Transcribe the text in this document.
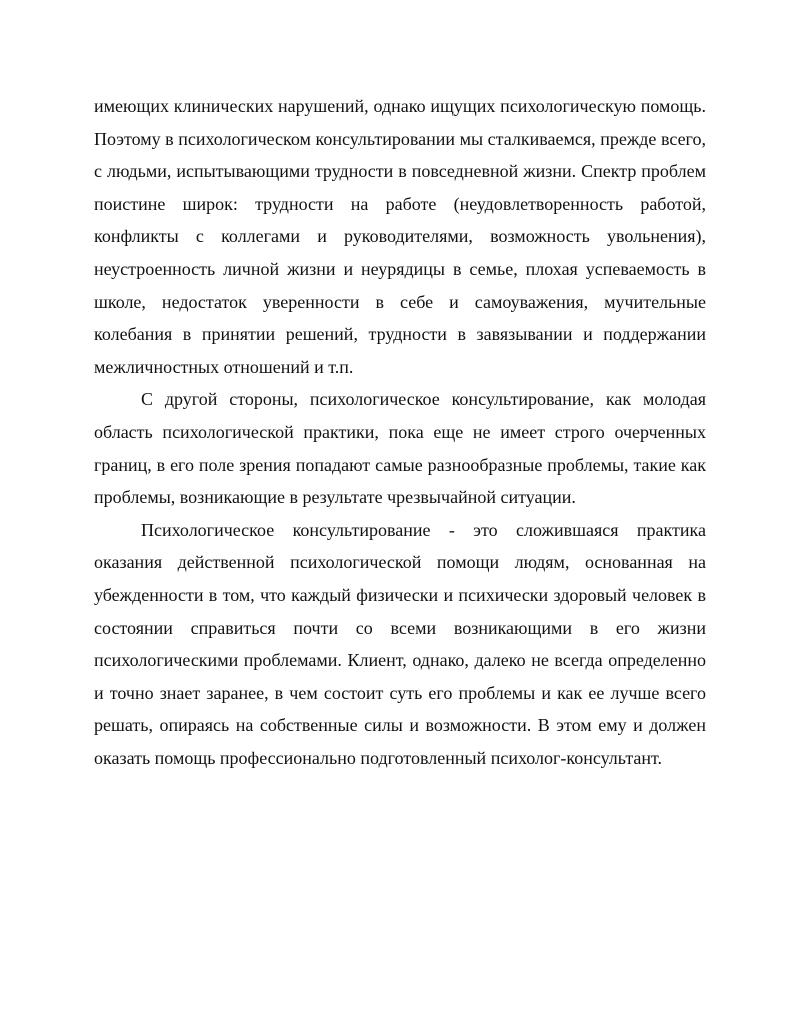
имеющих клинических нарушений, однако ищущих психологическую помощь. Поэтому в психологическом консультировании мы сталкиваемся, прежде всего, с людьми, испытывающими трудности в повседневной жизни. Спектр проблем поистине широк: трудности на работе (неудовлетворенность работой, конфликты с коллегами и руководителями, возможность увольнения), неустроенность личной жизни и неурядицы в семье, плохая успеваемость в школе, недостаток уверенности в себе и самоуважения, мучительные колебания в принятии решений, трудности в завязывании и поддержании межличностных отношений и т.п.

С другой стороны, психологическое консультирование, как молодая область психологической практики, пока еще не имеет строго очерченных границ, в его поле зрения попадают самые разнообразные проблемы, такие как проблемы, возникающие в результате чрезвычайной ситуации.

Психологическое консультирование - это сложившаяся практика оказания действенной психологической помощи людям, основанная на убежденности в том, что каждый физически и психически здоровый человек в состоянии справиться почти со всеми возникающими в его жизни психологическими проблемами. Клиент, однако, далеко не всегда определенно и точно знает заранее, в чем состоит суть его проблемы и как ее лучше всего решать, опираясь на собственные силы и возможности. В этом ему и должен оказать помощь профессионально подготовленный психолог-консультант.
